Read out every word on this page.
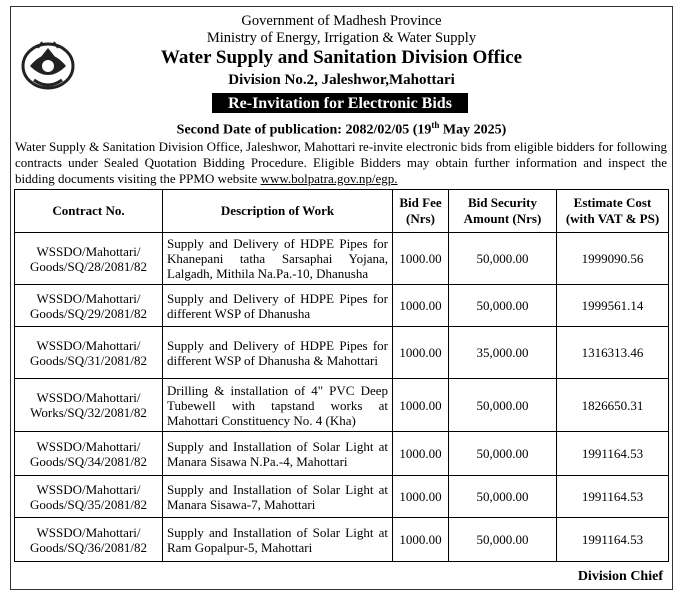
Government of Madhesh Province
Ministry of Energy, Irrigation & Water Supply
Water Supply and Sanitation Division Office
Division No.2, Jaleshwor,Mahottari
Re-Invitation for Electronic Bids
Second Date of publication: 2082/02/05 (19th May 2025)
Water Supply & Sanitation Division Office, Jaleshwor, Mahottari re-invite electronic bids from eligible bidders for following contracts under Sealed Quotation Bidding Procedure. Eligible Bidders may obtain further information and inspect the bidding documents visiting the PPMO website www.bolpatra.gov.np/egp.
Contract No.	Description of Work	Bid Fee (Nrs)	Bid Security Amount (Nrs)	Estimate Cost (with VAT & PS)
WSSDO/Mahottari/ Goods/SQ/28/2081/82	Supply and Delivery of HDPE Pipes for Khanepani tatha Sarsaphai Yojana, Lalgadh, Mithila Na.Pa.-10, Dhanusha	1000.00	50,000.00	1999090.56
WSSDO/Mahottari/ Goods/SQ/29/2081/82	Supply and Delivery of HDPE Pipes for different WSP of Dhanusha	1000.00	50,000.00	1999561.14
WSSDO/Mahottari/ Goods/SQ/31/2081/82	Supply and Delivery of HDPE Pipes for different WSP of Dhanusha & Mahottari	1000.00	35,000.00	1316313.46
WSSDO/Mahottari/ Works/SQ/32/2081/82	Drilling & installation of 4" PVC Deep Tubewell with tapstand works at Mahottari Constituency No. 4 (Kha)	1000.00	50,000.00	1826650.31
WSSDO/Mahottari/ Goods/SQ/34/2081/82	Supply and Installation of Solar Light at Manara Sisawa N.Pa.-4, Mahottari	1000.00	50,000.00	1991164.53
WSSDO/Mahottari/ Goods/SQ/35/2081/82	Supply and Installation of Solar Light at Manara Sisawa-7, Mahottari	1000.00	50,000.00	1991164.53
WSSDO/Mahottari/ Goods/SQ/36/2081/82	Supply and Installation of Solar Light at Ram Gopalpur-5, Mahottari	1000.00	50,000.00	1991164.53
Division Chief
